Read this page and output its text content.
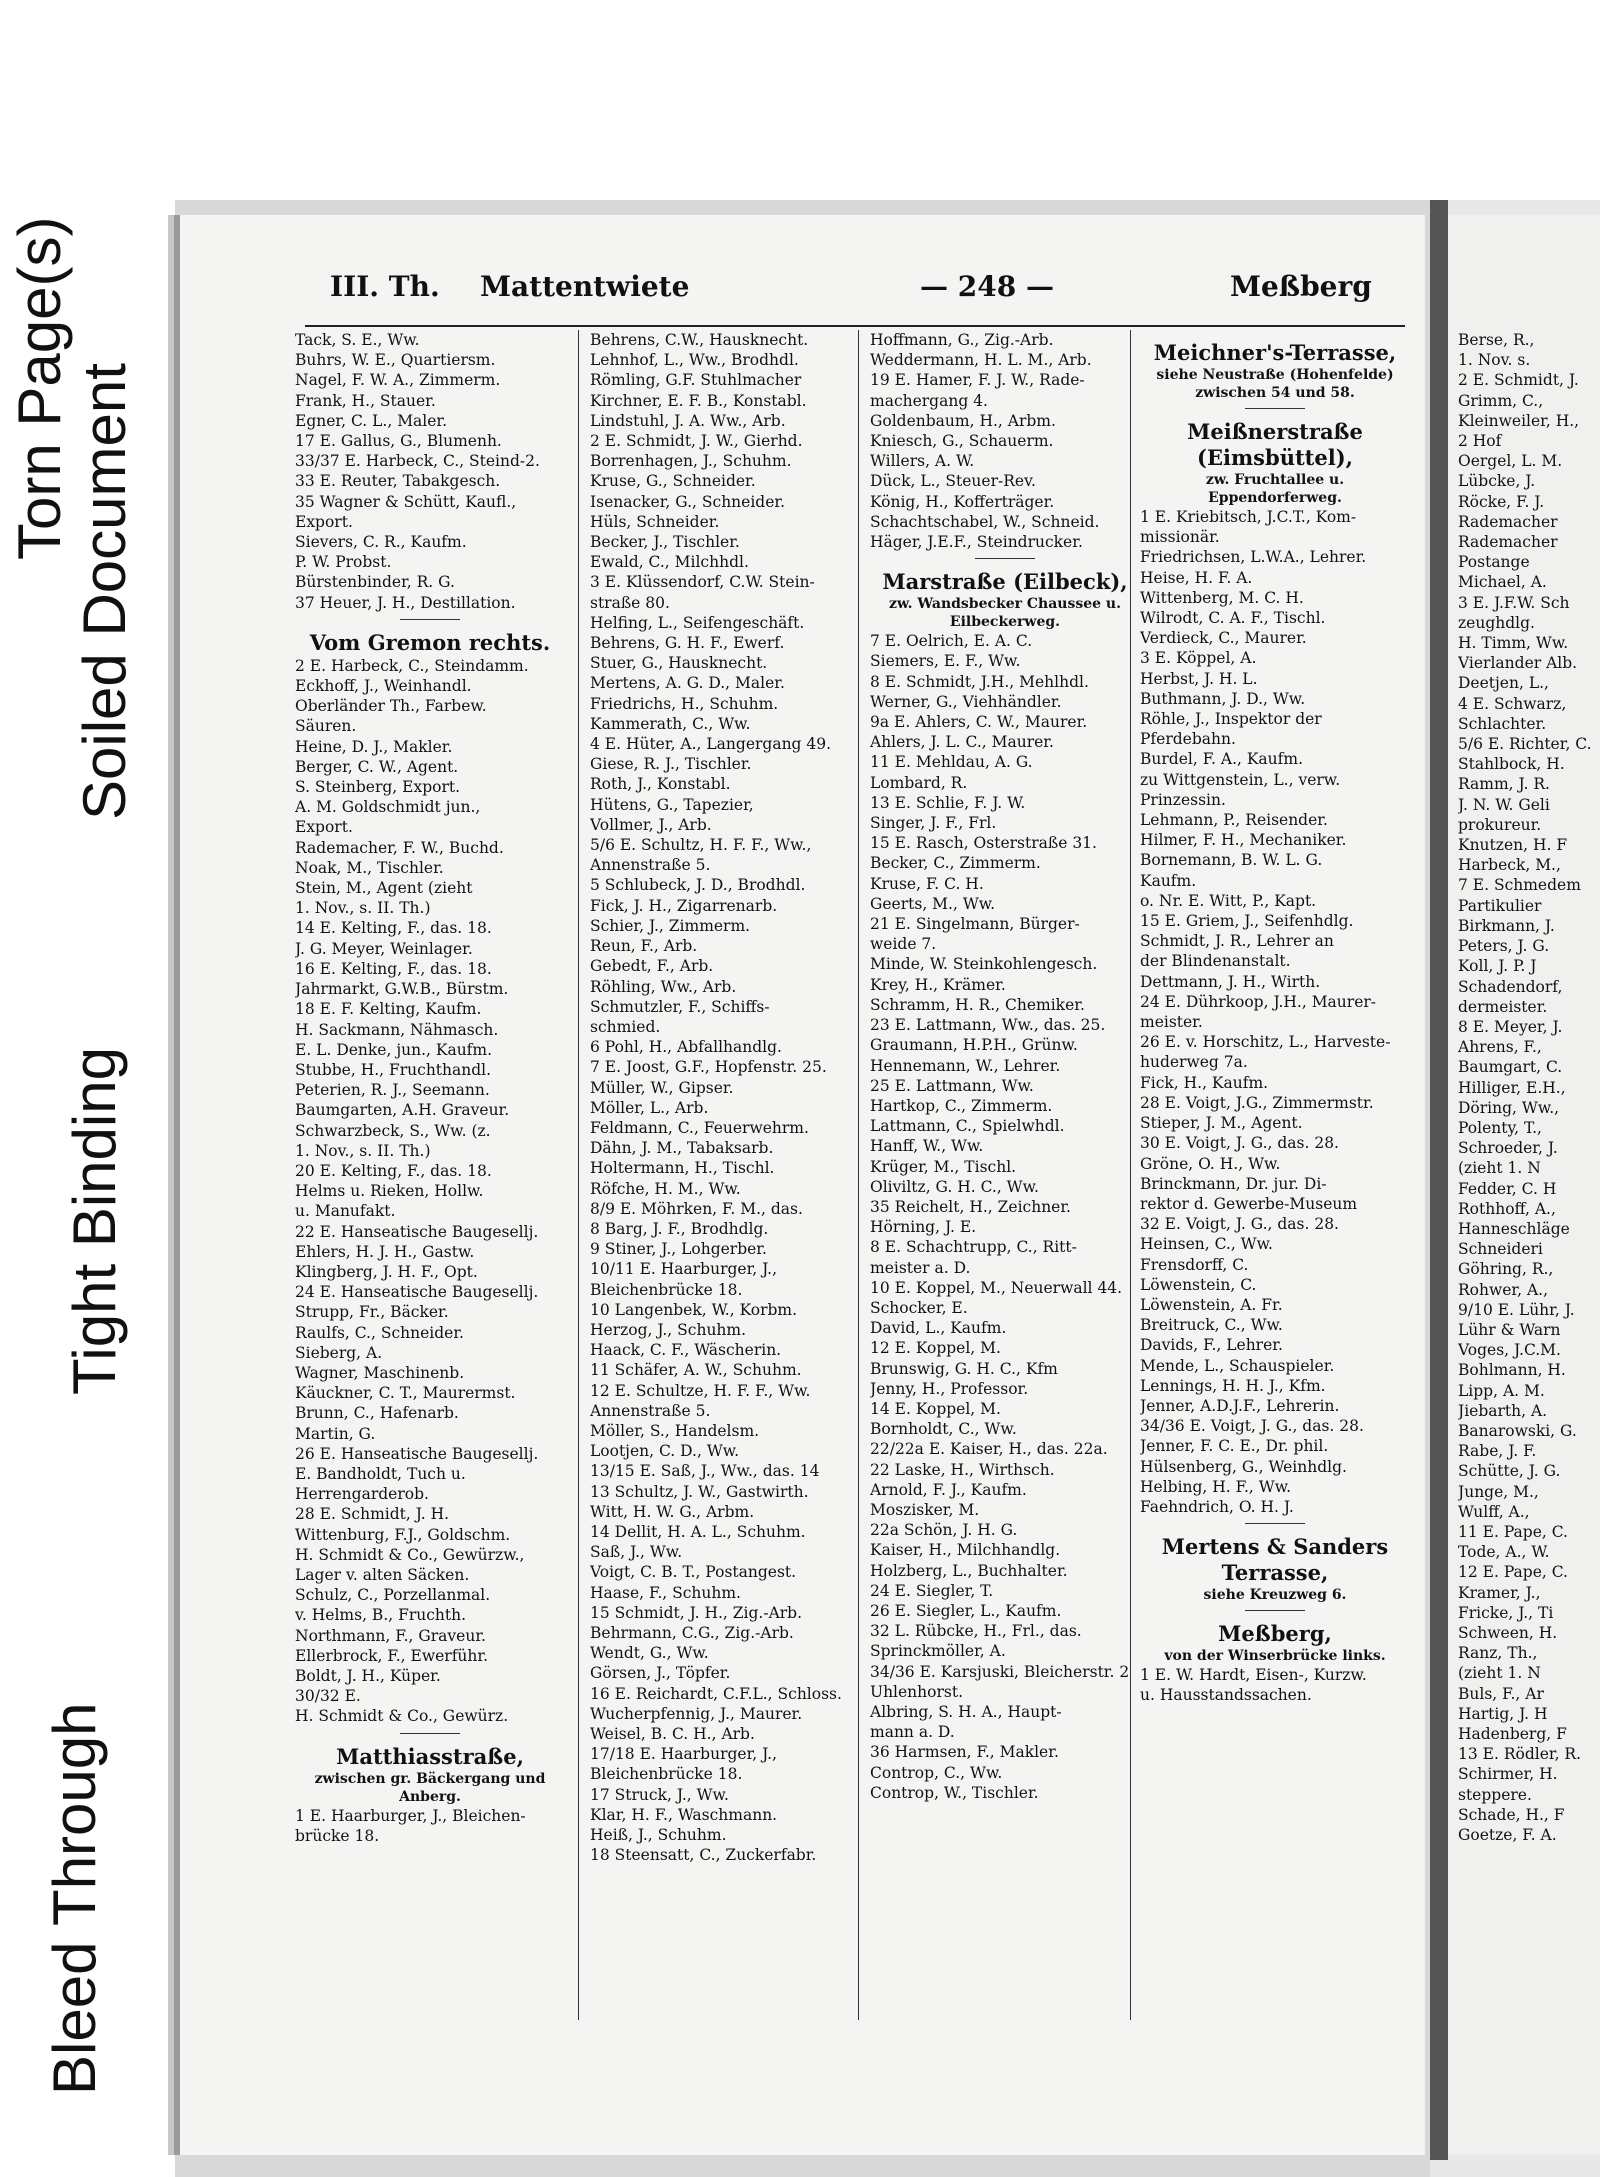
Torn Page(s)
Soiled Document
Tight Binding
Bleed Through
III. Th. Mattentwiete	— 248 —	Meßberg
Tack, S. E., Ww.
Buhrs, W. E., Quartiersm.
Nagel, F. W. A., Zimmerm.
Frank, H., Stauer.
Egner, C. L., Maler.
17 E. Gallus, G., Blumenh.
33/37 E. Harbeck, C., Steind-2.
33 E. Reuter, Tabakgesch.
35 Wagner & Schütt, Kaufl.,
Export.
Sievers, C. R., Kaufm.
P. W. Probst.
Bürstenbinder, R. G.
37 Heuer, J. H., Destillation.
Vom Gremon rechts.
2 E. Harbeck, C., Steindamm.
Eckhoff, J., Weinhandl.
Oberländer Th., Farbew.
Säuren.
Heine, D. J., Makler.
Berger, C. W., Agent.
S. Steinberg, Export.
A. M. Goldschmidt jun.,
Export.
Rademacher, F. W., Buchd.
Noak, M., Tischler.
Stein, M., Agent (zieht
1. Nov., s. II. Th.)
14 E. Kelting, F., das. 18.
J. G. Meyer, Weinlager.
16 E. Kelting, F., das. 18.
Jahrmarkt, G.W.B., Bürstm.
18 E. F. Kelting, Kaufm.
H. Sackmann, Nähmasch.
E. L. Denke, jun., Kaufm.
Stubbe, H., Fruchthandl.
Peterien, R. J., Seemann.
Baumgarten, A.H. Graveur.
Schwarzbeck, S., Ww. (z.
1. Nov., s. II. Th.)
20 E. Kelting, F., das. 18.
Helms u. Rieken, Hollw.
u. Manufakt.
22 E. Hanseatische Baugesellj.
Ehlers, H. J. H., Gastw.
Klingberg, J. H. F., Opt.
24 E. Hanseatische Baugesellj.
Strupp, Fr., Bäcker.
Raulfs, C., Schneider.
Sieberg, A.
Wagner, Maschinenb.
Käuckner, C. T., Maurermst.
Brunn, C., Hafenarb.
Martin, G.
26 E. Hanseatische Baugesellj.
E. Bandholdt, Tuch u.
Herrengarderob.
28 E. Schmidt, J. H.
Wittenburg, F.J., Goldschm.
H. Schmidt & Co., Gewürzw.,
Lager v. alten Säcken.
Schulz, C., Porzellanmal.
v. Helms, B., Fruchth.
Northmann, F., Graveur.
Ellerbrock, F., Ewerführ.
Boldt, J. H., Küper.
30/32 E.
H. Schmidt & Co., Gewürz.
Matthiasstraße,
zwischen gr. Bäckergang und Anberg.
1 E. Haarburger, J., Bleichen-
brücke 18.
Behrens, C.W., Hausknecht.
Lehnhof, L., Ww., Brodhdl.
Römling, G.F. Stuhlmacher
Kirchner, E. F. B., Konstabl.
Lindstuhl, J. A. Ww., Arb.
2 E. Schmidt, J. W., Gierhd.
Borrenhagen, J., Schuhm.
Kruse, G., Schneider.
Isenacker, G., Schneider.
Hüls, Schneider.
Becker, J., Tischler.
Ewald, C., Milchhdl.
3 E. Klüssendorf, C.W. Stein-
straße 80.
Helfing, L., Seifengeschäft.
Behrens, G. H. F., Ewerf.
Stuer, G., Hausknecht.
Mertens, A. G. D., Maler.
Friedrichs, H., Schuhm.
Kammerath, C., Ww.
4 E. Hüter, A., Langergang 49.
Giese, R. J., Tischler.
Roth, J., Konstabl.
Hütens, G., Tapezier,
Vollmer, J., Arb.
5/6 E. Schultz, H. F. F., Ww.,
Annenstraße 5.
5 Schlubeck, J. D., Brodhdl.
Fick, J. H., Zigarrenarb.
Schier, J., Zimmerm.
Reun, F., Arb.
Gebedt, F., Arb.
Röhling, Ww., Arb.
Schmutzler, F., Schiffs-
schmied.
6 Pohl, H., Abfallhandlg.
7 E. Joost, G.F., Hopfenstr. 25.
Müller, W., Gipser.
Möller, L., Arb.
Feldmann, C., Feuerwehrm.
Dähn, J. M., Tabaksarb.
Holtermann, H., Tischl.
Röfche, H. M., Ww.
8/9 E. Möhrken, F. M., das.
8 Barg, J. F., Brodhdlg.
9 Stiner, J., Lohgerber.
10/11 E. Haarburger, J.,
Bleichenbrücke 18.
10 Langenbek, W., Korbm.
Herzog, J., Schuhm.
Haack, C. F., Wäscherin.
11 Schäfer, A. W., Schuhm.
12 E. Schultze, H. F. F., Ww.
Annenstraße 5.
Möller, S., Handelsm.
Lootjen, C. D., Ww.
13/15 E. Saß, J., Ww., das. 14
13 Schultz, J. W., Gastwirth.
Witt, H. W. G., Arbm.
14 Dellit, H. A. L., Schuhm.
Saß, J., Ww.
Voigt, C. B. T., Postangest.
Haase, F., Schuhm.
15 Schmidt, J. H., Zig.-Arb.
Behrmann, C.G., Zig.-Arb.
Wendt, G., Ww.
Görsen, J., Töpfer.
16 E. Reichardt, C.F.L., Schloss.
Wucherpfennig, J., Maurer.
Weisel, B. C. H., Arb.
17/18 E. Haarburger, J.,
Bleichenbrücke 18.
17 Struck, J., Ww.
Klar, H. F., Waschmann.
Heiß, J., Schuhm.
18 Steensatt, C., Zuckerfabr.
Hoffmann, G., Zig.-Arb.
Weddermann, H. L. M., Arb.
19 E. Hamer, F. J. W., Rade-
machergang 4.
Goldenbaum, H., Arbm.
Kniesch, G., Schauerm.
Willers, A. W.
Dück, L., Steuer-Rev.
König, H., Kofferträger.
Schachtschabel, W., Schneid.
Häger, J.E.F., Steindrucker.
Marstraße (Eilbeck),
zw. Wandsbecker Chaussee u. Eilbeckerweg.
7 E. Oelrich, E. A. C.
Siemers, E. F., Ww.
8 E. Schmidt, J.H., Mehlhdl.
Werner, G., Viehhändler.
9a E. Ahlers, C. W., Maurer.
Ahlers, J. L. C., Maurer.
11 E. Mehldau, A. G.
Lombard, R.
13 E. Schlie, F. J. W.
Singer, J. F., Frl.
15 E. Rasch, Osterstraße 31.
Becker, C., Zimmerm.
Kruse, F. C. H.
Geerts, M., Ww.
21 E. Singelmann, Bürger-
weide 7.
Minde, W. Steinkohlengesch.
Krey, H., Krämer.
Schramm, H. R., Chemiker.
23 E. Lattmann, Ww., das. 25.
Graumann, H.P.H., Grünw.
Hennemann, W., Lehrer.
25 E. Lattmann, Ww.
Hartkop, C., Zimmerm.
Lattmann, C., Spielwhdl.
Hanff, W., Ww.
Krüger, M., Tischl.
Oliviltz, G. H. C., Ww.
35 Reichelt, H., Zeichner.
Hörning, J. E.
8 E. Schachtrupp, C., Ritt-
meister a. D.
10 E. Koppel, M., Neuerwall 44.
Schocker, E.
David, L., Kaufm.
12 E. Koppel, M.
Brunswig, G. H. C., Kfm
Jenny, H., Professor.
14 E. Koppel, M.
Bornholdt, C., Ww.
22/22a E. Kaiser, H., das. 22a.
22 Laske, H., Wirthsch.
Arnold, F. J., Kaufm.
Moszisker, M.
22a Schön, J. H. G.
Kaiser, H., Milchhandlg.
Holzberg, L., Buchhalter.
24 E. Siegler, T.
26 E. Siegler, L., Kaufm.
32 L. Rübcke, H., Frl., das.
Sprinckmöller, A.
34/36 E. Karsjuski, Bleicherstr. 2
Uhlenhorst.
Albring, S. H. A., Haupt-
mann a. D.
36 Harmsen, F., Makler.
Controp, C., Ww.
Controp, W., Tischler.
Meichner's-Terrasse,
siehe Neustraße (Hohenfelde) zwischen 54 und 58.
Meißnerstraße (Eimsbüttel),
zw. Fruchtallee u. Eppendorferweg.
1 E. Kriebitsch, J.C.T., Kom-
missionär.
Friedrichsen, L.W.A., Lehrer.
Heise, H. F. A.
Wittenberg, M. C. H.
Wilrodt, C. A. F., Tischl.
Verdieck, C., Maurer.
3 E. Köppel, A.
Herbst, J. H. L.
Buthmann, J. D., Ww.
Röhle, J., Inspektor der
Pferdebahn.
Burdel, F. A., Kaufm.
zu Wittgenstein, L., verw.
Prinzessin.
Lehmann, P., Reisender.
Hilmer, F. H., Mechaniker.
Bornemann, B. W. L. G.
Kaufm.
o. Nr. E. Witt, P., Kapt.
15 E. Griem, J., Seifenhdlg.
Schmidt, J. R., Lehrer an
der Blindenanstalt.
Dettmann, J. H., Wirth.
24 E. Dührkoop, J.H., Maurer-
meister.
26 E. v. Horschitz, L., Harveste-
huderweg 7a.
Fick, H., Kaufm.
28 E. Voigt, J.G., Zimmermstr.
Stieper, J. M., Agent.
30 E. Voigt, J. G., das. 28.
Gröne, O. H., Ww.
Brinckmann, Dr. jur. Di-
rektor d. Gewerbe-Museum
32 E. Voigt, J. G., das. 28.
Heinsen, C., Ww.
Frensdorff, C.
Löwenstein, C.
Löwenstein, A. Fr.
Breitruck, C., Ww.
Davids, F., Lehrer.
Mende, L., Schauspieler.
Lennings, H. H. J., Kfm.
Jenner, A.D.J.F., Lehrerin.
34/36 E. Voigt, J. G., das. 28.
Jenner, F. C. E., Dr. phil.
Hülsenberg, G., Weinhdlg.
Helbing, H. F., Ww.
Faehndrich, O. H. J.
Mertens & Sanders Terrasse,
siehe Kreuzweg 6.
Meßberg,
von der Winserbrücke links.
1 E. W. Hardt, Eisen-, Kurzw.
u. Hausstandssachen.
Berse, R.,
1. Nov. s.
2 E. Schmidt, J.
Grimm, C.,
Kleinweiler, H.,
2 Hof
Oergel, L. M.
Lübcke, J.
Röcke, F. J.
Rademacher
Rademacher
Postange
Michael, A.
3 E. J.F.W. Sch
zeughdlg.
H. Timm, Ww.
Vierlander Alb.
Deetjen, L.,
4 E. Schwarz,
Schlachter.
5/6 E. Richter, C.
Stahlbock, H.
Ramm, J. R.
J. N. W. Geli
prokureur.
Knutzen, H. F
Harbeck, M.,
7 E. Schmedem
Partikulier
Birkmann, J.
Peters, J. G.
Koll, J. P. J
Schadendorf,
dermeister.
8 E. Meyer, J.
Ahrens, F.,
Baumgart, C.
Hilliger, E.H.,
Döring, Ww.,
Polenty, T.,
Schroeder, J.
(zieht 1. N
Fedder, C. H
Rothhoff, A.,
Hanneschläge
Schneideri
Göhring, R.,
Rohwer, A.,
9/10 E. Lühr, J.
Lühr & Warn
Voges, J.C.M.
Bohlmann, H.
Lipp, A. M.
Jiebarth, A.
Banarowski, G.
Rabe, J. F.
Schütte, J. G.
Junge, M.,
Wulff, A.,
11 E. Pape, C.
Tode, A., W.
12 E. Pape, C.
Kramer, J.,
Fricke, J., Ti
Schween, H.
Ranz, Th.,
(zieht 1. N
Buls, F., Ar
Hartig, J. H
Hadenberg, F
13 E. Rödler, R.
Schirmer, H.
steppere.
Schade, H., F
Goetze, F. A.
